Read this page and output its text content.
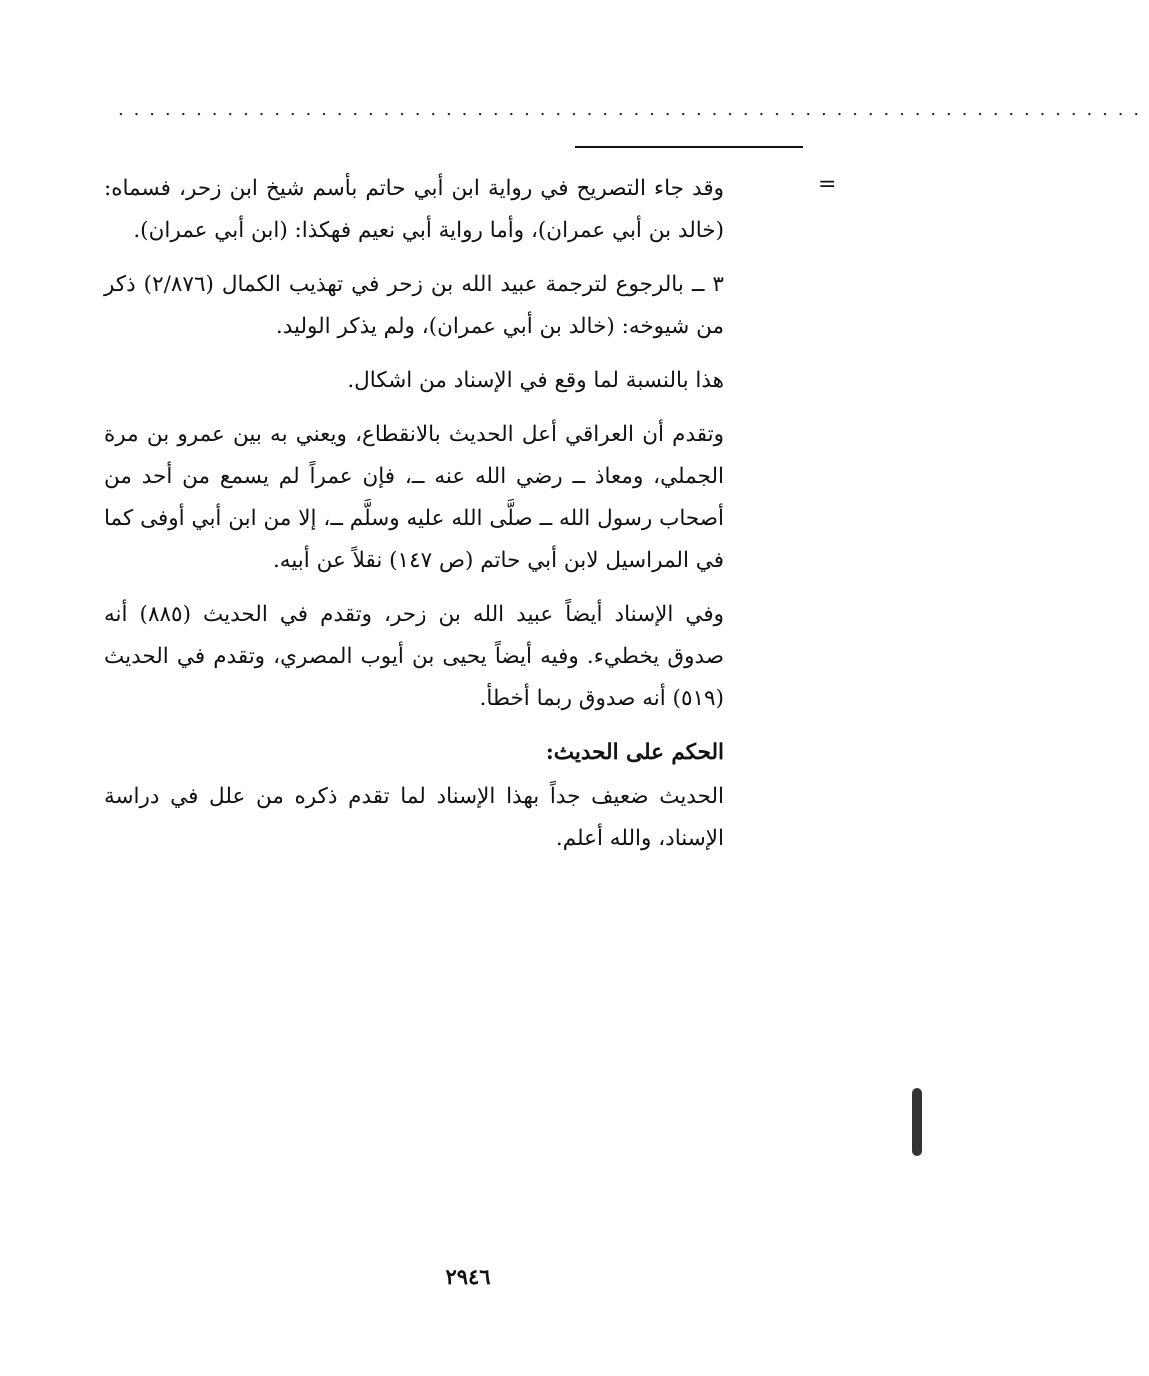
..................................................................
=

وقد جاء التصريح في رواية ابن أبي حاتم بأسم شيخ ابن زحر، فسماه: (خالد بن أبي عمران)، وأما رواية أبي نعيم فهكذا: (ابن أبي عمران).

٣ ــ بالرجوع لترجمة عبيد الله بن زحر في تهذيب الكمال (٢/٨٧٦) ذكر من شيوخه: (خالد بن أبي عمران)، ولم يذكر الوليد.

هذا بالنسبة لما وقع في الإسناد من اشكال.

وتقدم أن العراقي أعل الحديث بالانقطاع، ويعني به بين عمرو بن مرة الجملي، ومعاذ ــ رضي الله عنه ــ، فإن عمراً لم يسمع من أحد من أصحاب رسول الله ــ صلَّى الله عليه وسلَّم ــ، إلا من ابن أبي أوفى كما في المراسيل لابن أبي حاتم (ص ١٤٧) نقلاً عن أبيه.

وفي الإسناد أيضاً عبيد الله بن زحر، وتقدم في الحديث (٨٨٥) أنه صدوق يخطيء. وفيه أيضاً يحيى بن أيوب المصري، وتقدم في الحديث (٥١٩) أنه صدوق ربما أخطأ.

الحكم على الحديث:

الحديث ضعيف جداً بهذا الإسناد لما تقدم ذكره من علل في دراسة الإسناد، والله أعلم.

٢٩٤٦
